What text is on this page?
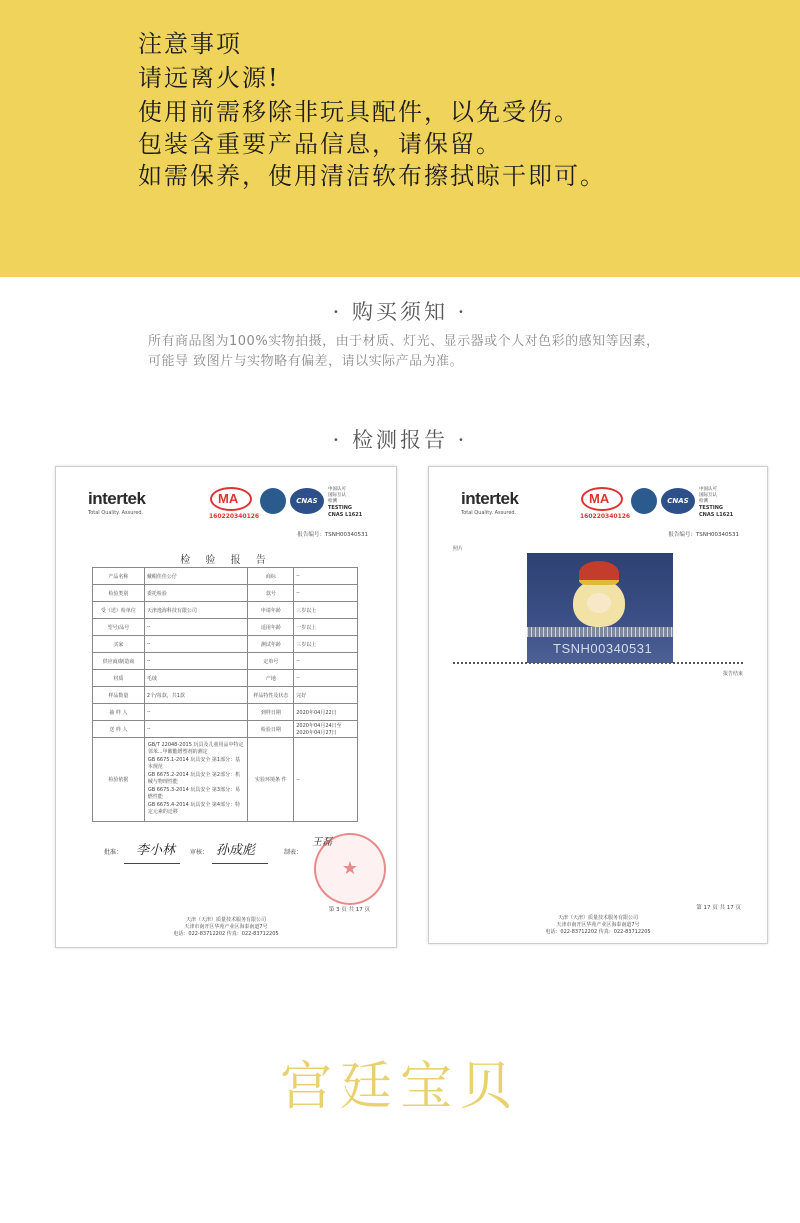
注意事项
请远离火源!
使用前需移除非玩具配件，以免受伤。
包装含重要产品信息，请保留。
如需保养，使用清洁软布擦拭晾干即可。
· 购买须知 ·
所有商品图为100%实物拍摄，由于材质、灯光、显示器或个人对色彩的感知等因素，
可能导 致图片与实物略有偏差，请以实际产品为准。
· 检测报告 ·
intertek
Total Quality. Assured.
MA
160220340126
CNAS
中国认可
国际互认
检测
TESTING
CNAS L1621
报告编号：TSNH00340531
检 验 报 告
产品名称	戴帽佳佳公仔	商标	--
检验类别	委托检验	款号	--
受（送）检单位	天津逸海科技有限公司	申请年龄	三岁以上
型号/品号	--	适用年龄	一岁以上
买家	--	测试年龄	三岁以上
供应商/制造商	--	定单号	--
材质	毛绒	产地	--
样品数量	2个/每款，共1款	样品特性及状态	完好
抽 样 人	--	到样日期	2020年04月22日
送 样 人	--	检验日期	2020年04月24日至
2020年04月27日
检验依据	GB/T 22048-2015 玩具及儿童用品中特定邻苯...甲酸酯增塑剂的测定
GB 6675.1-2014 玩具安全 第1部分：基本规范
GB 6675.2-2014 玩具安全 第2部分：机械与物理性能
GB 6675.3-2014 玩具安全 第3部分：易燃性能
GB 6675.4-2014 玩具安全 第4部分：特定元素的迁移	实验环境条 件	--
批准： 李小林 审核： 孙成彪	制表：
王磊
★
第 3 页 共 17 页
天津（天津）质量技术服务有限公司
天津市南开区华苑产业区海泰南道7号
电话：022-83712202 传真：022-83712205
intertek
Total Quality. Assured.
MA
160220340126
CNAS
中国认可
国际互认
检测
TESTING
CNAS L1621
报告编号：TSNH00340531
照片
TSNH00340531
报告结束
第 17 页 共 17 页
天津（天津）质量技术服务有限公司
天津市南开区华苑产业区海泰南道7号
电话：022-83712202 传真：022-83712205
宫廷宝贝
